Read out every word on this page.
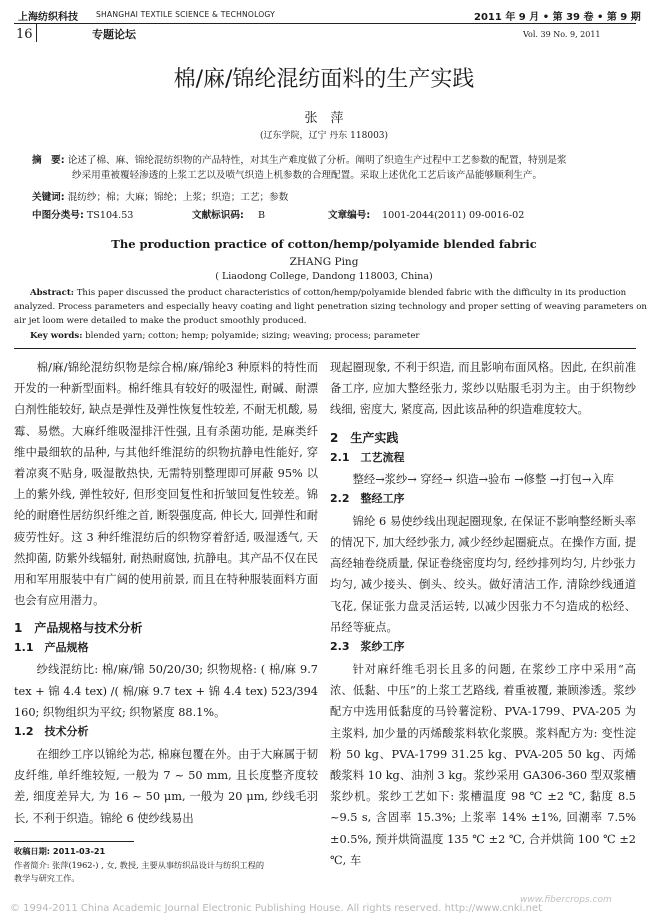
上海纺织科技 SHANGHAI TEXTILE SCIENCE & TECHNOLOGY	2011 年 9 月 • 第 39 卷 • 第 9 期
16	专题论坛	Vol. 39 No. 9, 2011
棉/麻/锦纶混纺面料的生产实践
张　萍
(辽东学院，辽宁 丹东 118003)
摘　要: 论述了棉、麻、锦纶混纺织物的产品特性，对其生产难度做了分析。阐明了织造生产过程中工艺参数的配置，特别是浆
纱采用重被覆轻渗透的上浆工艺以及喷气织造上机参数的合理配置。采取上述优化工艺后该产品能够顺利生产。
关键词: 混纺纱；棉；大麻；锦纶；上浆；织造；工艺；参数
中图分类号: TS104.53	文献标识码: B	文章编号: 1001-2044(2011) 09-0016-02
The production practice of cotton/hemp/polyamide blended fabric
ZHANG Ping
( Liaodong College, Dandong 118003, China)
Abstract: This paper discussed the product characteristics of cotton/hemp/polyamide blended fabric with the difficulty in its production
analyzed. Process parameters and especially heavy coating and light penetration sizing technology and proper setting of weaving parameters on
air jet loom were detailed to make the product smoothly produced.
Key words: blended yarn; cotton; hemp; polyamide; sizing; weaving; process; parameter

棉/麻/锦纶混纺织物是综合棉/麻/锦纶3 种原料的特性而开发的一种新型面料。棉纤维具有较好的吸湿性, 耐碱、耐漂白剂性能较好, 缺点是弹性及弹性恢复性较差, 不耐无机酸, 易霉、易燃。大麻纤维吸湿排汗性强, 且有杀菌功能, 是麻类纤维中最细软的品种, 与其他纤维混纺的织物抗静电性能好, 穿着凉爽不贴身, 吸湿散热快, 无需特别整理即可屏蔽 95% 以上的紫外线, 弹性较好, 但形变回复性和折皱回复性较差。锦纶的耐磨性居纺织纤维之首, 断裂强度高, 伸长大, 回弹性和耐疲劳性好。这 3 种纤维混纺后的织物穿着舒适, 吸湿透气, 天然抑菌, 防紫外线辐射, 耐热耐腐蚀, 抗静电。其产品不仅在民用和军用服装中有广阔的使用前景, 而且在特种服装面料方面也会有应用潜力。

1　产品规格与技术分析
1.1　产品规格

纱线混纺比: 棉/麻/锦 50/20/30; 织物规格: ( 棉/麻 9.7 tex + 锦 4.4 tex) /( 棉/麻 9.7 tex + 锦 4.4 tex) 523/394 160; 织物组织为平纹; 织物紧度 88.1%。

1.2　技术分析

在细纱工序以锦纶为芯, 棉麻包覆在外。由于大麻属于韧皮纤维, 单纤维较短, 一般为 7 ~ 50 mm, 且长度整齐度较差, 细度差异大, 为 16 ~ 50 μm, 一般为 20 μm, 纱线毛羽长, 不利于织造。锦纶 6 使纱线易出

收稿日期: 2011-03-21
作者简介: 张萍(1962-) , 女, 教授, 主要从事纺织品设计与纺织工程的
教学与研究工作。

现起圈现象, 不利于织造, 而且影响布面风格。因此, 在织前准备工序, 应加大整经张力, 浆纱以贴服毛羽为主。由于织物纱线细, 密度大, 紧度高, 因此该品种的织造难度较大。

2　生产实践
2.1　工艺流程

整经→浆纱→ 穿经→ 织造→验布 →修整 →打包→入库

2.2　整经工序

锦纶 6 易使纱线出现起圈现象, 在保证不影响整经断头率的情况下, 加大经纱张力, 减少经纱起圈疵点。在操作方面, 提高经轴卷绕质量, 保证卷绕密度均匀, 经纱排列均匀, 片纱张力均匀, 减少接头、倒头、绞头。做好清洁工作, 清除纱线通道飞花, 保证张力盘灵活运转, 以减少因张力不匀造成的松经、吊经等疵点。

2.3　浆纱工序

针对麻纤维毛羽长且多的问题, 在浆纱工序中采用“高浓、低黏、中压”的上浆工艺路线, 着重被覆, 兼顾渗透。浆纱配方中选用低黏度的马铃薯淀粉、PVA-1799、PVA-205 为主浆料, 加少量的丙烯酸浆料软化浆膜。浆料配方为: 变性淀粉 50 kg、PVA-1799 31.25 kg、PVA-205 50 kg、丙烯酸浆料 10 kg、油剂 3 kg。浆纱采用 GA306-360 型双浆槽浆纱机。浆纱工艺如下: 浆槽温度 98 ℃ ±2 ℃, 黏度 8.5 ~9.5 s, 含固率 15.3%; 上浆率 14% ±1%, 回潮率 7.5% ±0.5%, 预并烘筒温度 135 ℃ ±2 ℃, 合并烘筒 100 ℃ ±2 ℃, 车

© 1994-2011 China Academic Journal Electronic Publishing House. All rights reserved. http://www.cnki.net
www.fibercrops.com
